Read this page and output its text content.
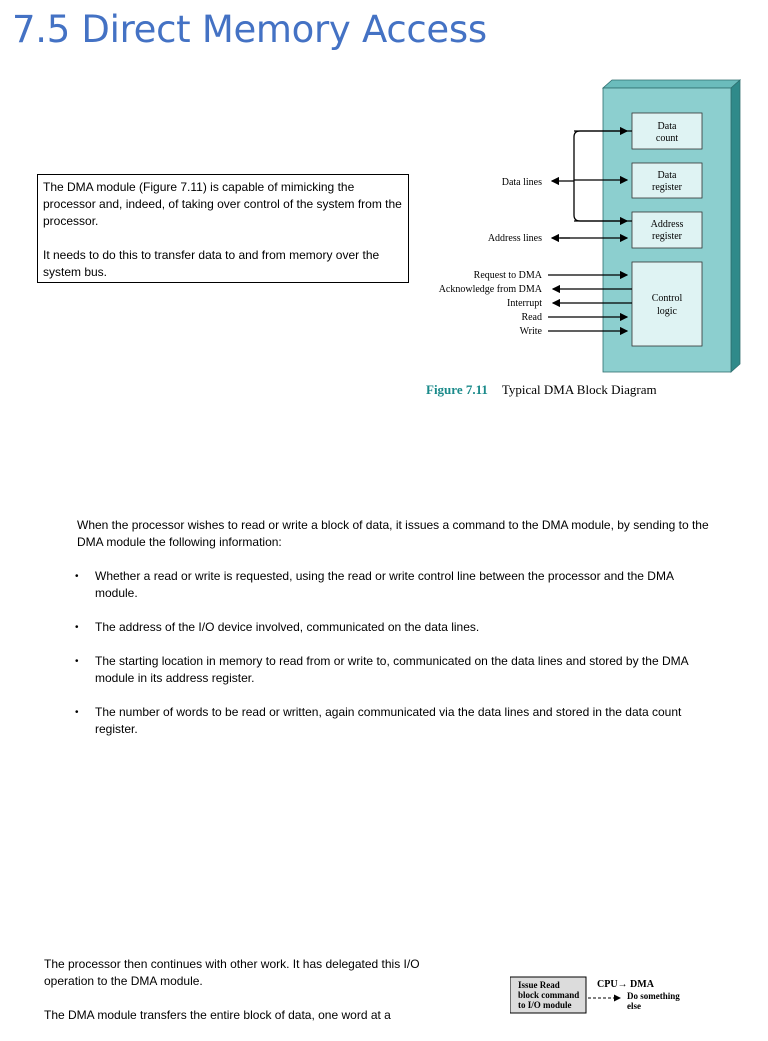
7.5 Direct Memory Access

The DMA module (Figure 7.11) is capable of mimicking the processor and, indeed, of taking over control of the system from the processor.

It needs to do this to transfer data to and from memory over the system bus.

Data
count
Data
register
Address
register
Control
logic
Data lines
Address lines
Request to DMA
Acknowledge from DMA
Interrupt
Read
Write
Figure 7.11 Typical DMA Block Diagram

When the processor wishes to read or write a block of data, it issues a command to the DMA module, by sending to the DMA module the following information:

• Whether a read or write is requested, using the read or write control line between the processor and the DMA module.
• The address of the I/O device involved, communicated on the data lines.
• The starting location in memory to read from or write to, communicated on the data lines and stored by the DMA module in its address register.
• The number of words to be read or written, again communicated via the data lines and stored in the data count register.

The processor then continues with other work. It has delegated this I/O operation to the DMA module.

The DMA module transfers the entire block of data, one word at a

Issue Read
block command
to I/O module
CPU→ DMA
Do something
else
